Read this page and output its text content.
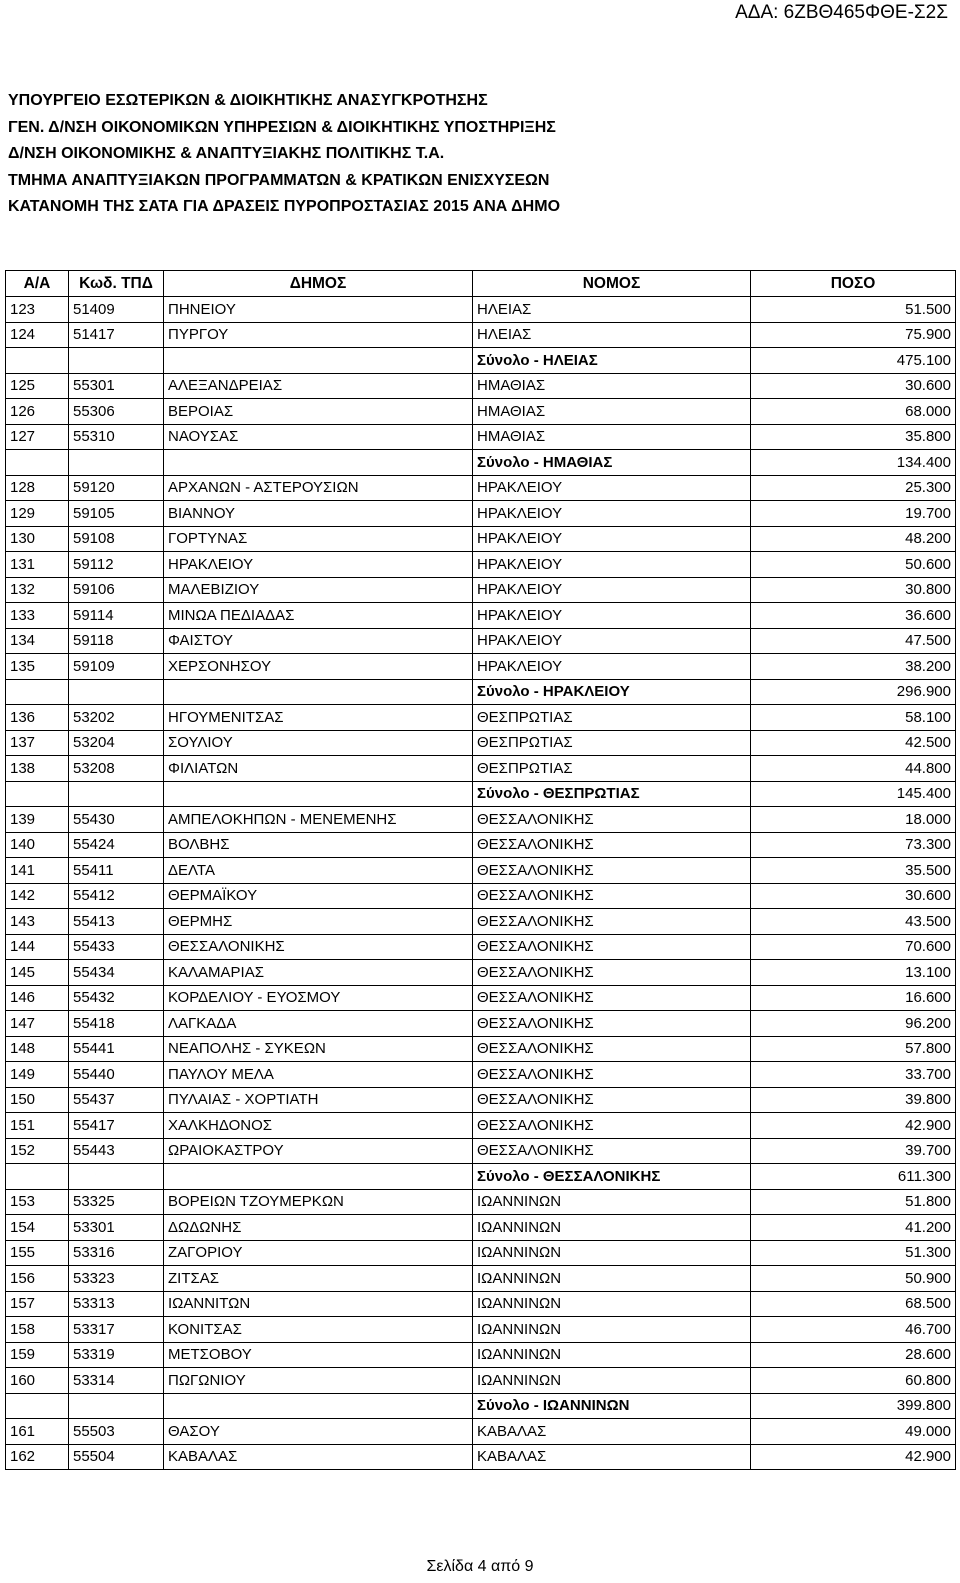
ΑΔΑ: 6ΖΒΘ465ΦΘΕ-Σ2Σ
ΥΠΟΥΡΓΕΙΟ ΕΣΩΤΕΡΙΚΩΝ & ΔΙΟΙΚΗΤΙΚΗΣ ΑΝΑΣΥΓΚΡΟΤΗΣΗΣ
ΓΕΝ. Δ/ΝΣΗ ΟΙΚΟΝΟΜΙΚΩΝ ΥΠΗΡΕΣΙΩΝ & ΔΙΟΙΚΗΤΙΚΗΣ ΥΠΟΣΤΗΡΙΞΗΣ
Δ/ΝΣΗ ΟΙΚΟΝΟΜΙΚΗΣ & ΑΝΑΠΤΥΞΙΑΚΗΣ ΠΟΛΙΤΙΚΗΣ Τ.Α.
ΤΜΗΜΑ ΑΝΑΠΤΥΞΙΑΚΩΝ ΠΡΟΓΡΑΜΜΑΤΩΝ & ΚΡΑΤΙΚΩΝ ΕΝΙΣΧΥΣΕΩΝ
ΚΑΤΑΝΟΜΗ ΤΗΣ ΣΑΤΑ ΓΙΑ ΔΡΑΣΕΙΣ ΠΥΡΟΠΡΟΣΤΑΣΙΑΣ 2015 ΑΝΑ ΔΗΜΟ
Α/Α	Κωδ. ΤΠΔ	ΔΗΜΟΣ	ΝΟΜΟΣ	ΠΟΣΟ
123	51409	ΠΗΝΕΙΟΥ	ΗΛΕΙΑΣ	51.500
124	51417	ΠΥΡΓΟΥ	ΗΛΕΙΑΣ	75.900
			Σύνολο - ΗΛΕΙΑΣ	475.100
125	55301	ΑΛΕΞΑΝΔΡΕΙΑΣ	ΗΜΑΘΙΑΣ	30.600
126	55306	ΒΕΡΟΙΑΣ	ΗΜΑΘΙΑΣ	68.000
127	55310	ΝΑΟΥΣΑΣ	ΗΜΑΘΙΑΣ	35.800
			Σύνολο - ΗΜΑΘΙΑΣ	134.400
128	59120	ΑΡΧΑΝΩΝ - ΑΣΤΕΡΟΥΣΙΩΝ	ΗΡΑΚΛΕΙΟΥ	25.300
129	59105	ΒΙΑΝΝΟΥ	ΗΡΑΚΛΕΙΟΥ	19.700
130	59108	ΓΟΡΤΥΝΑΣ	ΗΡΑΚΛΕΙΟΥ	48.200
131	59112	ΗΡΑΚΛΕΙΟΥ	ΗΡΑΚΛΕΙΟΥ	50.600
132	59106	ΜΑΛΕΒΙΖΙΟΥ	ΗΡΑΚΛΕΙΟΥ	30.800
133	59114	ΜΙΝΩΑ ΠΕΔΙΑΔΑΣ	ΗΡΑΚΛΕΙΟΥ	36.600
134	59118	ΦΑΙΣΤΟΥ	ΗΡΑΚΛΕΙΟΥ	47.500
135	59109	ΧΕΡΣΟΝΗΣΟΥ	ΗΡΑΚΛΕΙΟΥ	38.200
			Σύνολο - ΗΡΑΚΛΕΙΟΥ	296.900
136	53202	ΗΓΟΥΜΕΝΙΤΣΑΣ	ΘΕΣΠΡΩΤΙΑΣ	58.100
137	53204	ΣΟΥΛΙΟΥ	ΘΕΣΠΡΩΤΙΑΣ	42.500
138	53208	ΦΙΛΙΑΤΩΝ	ΘΕΣΠΡΩΤΙΑΣ	44.800
			Σύνολο - ΘΕΣΠΡΩΤΙΑΣ	145.400
139	55430	ΑΜΠΕΛΟΚΗΠΩΝ - ΜΕΝΕΜΕΝΗΣ	ΘΕΣΣΑΛΟΝΙΚΗΣ	18.000
140	55424	ΒΟΛΒΗΣ	ΘΕΣΣΑΛΟΝΙΚΗΣ	73.300
141	55411	ΔΕΛΤΑ	ΘΕΣΣΑΛΟΝΙΚΗΣ	35.500
142	55412	ΘΕΡΜΑΪΚΟΥ	ΘΕΣΣΑΛΟΝΙΚΗΣ	30.600
143	55413	ΘΕΡΜΗΣ	ΘΕΣΣΑΛΟΝΙΚΗΣ	43.500
144	55433	ΘΕΣΣΑΛΟΝΙΚΗΣ	ΘΕΣΣΑΛΟΝΙΚΗΣ	70.600
145	55434	ΚΑΛΑΜΑΡΙΑΣ	ΘΕΣΣΑΛΟΝΙΚΗΣ	13.100
146	55432	ΚΟΡΔΕΛΙΟΥ - ΕΥΟΣΜΟΥ	ΘΕΣΣΑΛΟΝΙΚΗΣ	16.600
147	55418	ΛΑΓΚΑΔΑ	ΘΕΣΣΑΛΟΝΙΚΗΣ	96.200
148	55441	ΝΕΑΠΟΛΗΣ - ΣΥΚΕΩΝ	ΘΕΣΣΑΛΟΝΙΚΗΣ	57.800
149	55440	ΠΑΥΛΟΥ ΜΕΛΑ	ΘΕΣΣΑΛΟΝΙΚΗΣ	33.700
150	55437	ΠΥΛΑΙΑΣ - ΧΟΡΤΙΑΤΗ	ΘΕΣΣΑΛΟΝΙΚΗΣ	39.800
151	55417	ΧΑΛΚΗΔΟΝΟΣ	ΘΕΣΣΑΛΟΝΙΚΗΣ	42.900
152	55443	ΩΡΑΙΟΚΑΣΤΡΟΥ	ΘΕΣΣΑΛΟΝΙΚΗΣ	39.700
			Σύνολο - ΘΕΣΣΑΛΟΝΙΚΗΣ	611.300
153	53325	ΒΟΡΕΙΩΝ ΤΖΟΥΜΕΡΚΩΝ	ΙΩΑΝΝΙΝΩΝ	51.800
154	53301	ΔΩΔΩΝΗΣ	ΙΩΑΝΝΙΝΩΝ	41.200
155	53316	ΖΑΓΟΡΙΟΥ	ΙΩΑΝΝΙΝΩΝ	51.300
156	53323	ΖΙΤΣΑΣ	ΙΩΑΝΝΙΝΩΝ	50.900
157	53313	ΙΩΑΝΝΙΤΩΝ	ΙΩΑΝΝΙΝΩΝ	68.500
158	53317	ΚΟΝΙΤΣΑΣ	ΙΩΑΝΝΙΝΩΝ	46.700
159	53319	ΜΕΤΣΟΒΟΥ	ΙΩΑΝΝΙΝΩΝ	28.600
160	53314	ΠΩΓΩΝΙΟΥ	ΙΩΑΝΝΙΝΩΝ	60.800
			Σύνολο - ΙΩΑΝΝΙΝΩΝ	399.800
161	55503	ΘΑΣΟΥ	ΚΑΒΑΛΑΣ	49.000
162	55504	ΚΑΒΑΛΑΣ	ΚΑΒΑΛΑΣ	42.900
Σελίδα 4 από 9
